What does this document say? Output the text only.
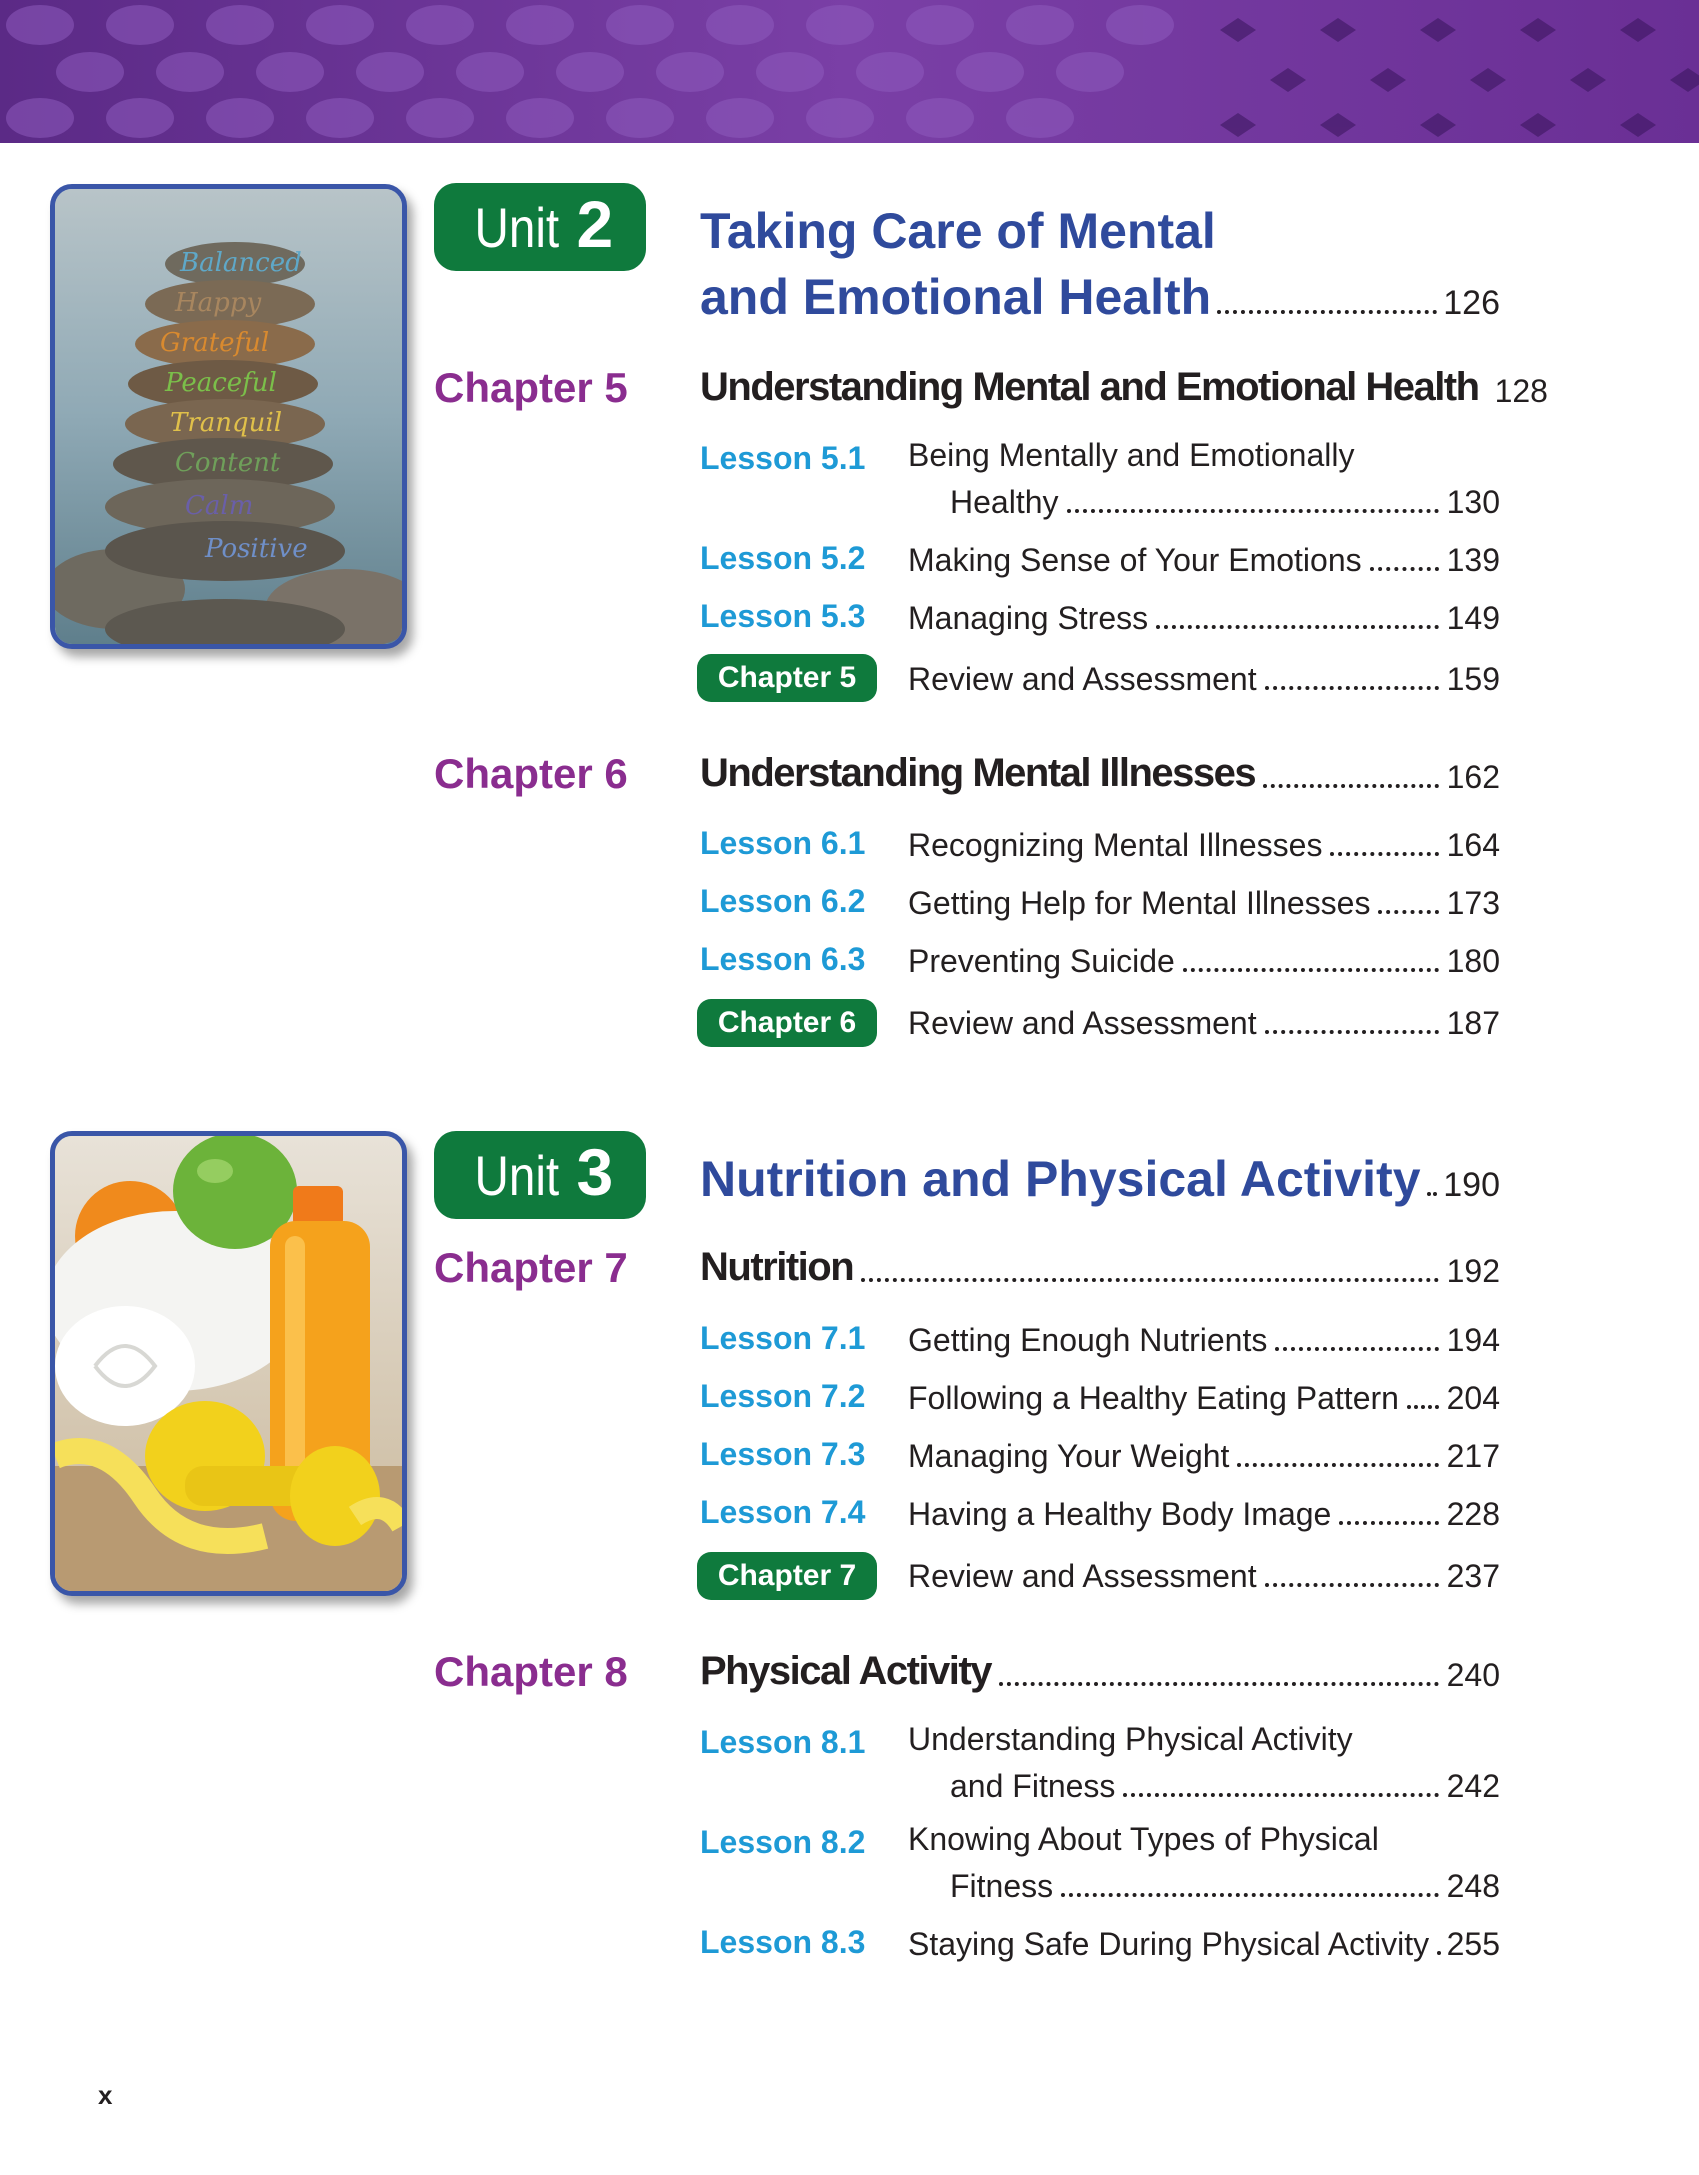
Balanced
Happy
Grateful
Peaceful
Tranquil
Content
Calm
Positive
Unit 2 Taking Care of Mental
and Emotional Health	126
Chapter 5 Understanding Mental and Emotional Health 128
Lesson 5.1 Being Mentally and Emotionally
Healthy	130
Lesson 5.2 Making Sense of Your Emotions	139
Lesson 5.3 Managing Stress	149
Chapter 5	Review and Assessment	159
Chapter 6 Understanding Mental Illnesses	162
Lesson 6.1 Recognizing Mental Illnesses	164
Lesson 6.2 Getting Help for Mental Illnesses 173
Lesson 6.3 Preventing Suicide	180
Chapter 6	Review and Assessment	187
Unit 3 Nutrition and Physical Activity 190
Chapter 7 Nutrition	192
Lesson 7.1 Getting Enough Nutrients	194
Lesson 7.2 Following a Healthy Eating Pattern 204
Lesson 7.3 Managing Your Weight	217
Lesson 7.4 Having a Healthy Body Image	228
Chapter 7	Review and Assessment	237
Chapter 8 Physical Activity	240
Lesson 8.1 Understanding Physical Activity
and Fitness	242
Lesson 8.2 Knowing About Types of Physical
Fitness	248
Lesson 8.3 Staying Safe During Physical Activity 255
x
